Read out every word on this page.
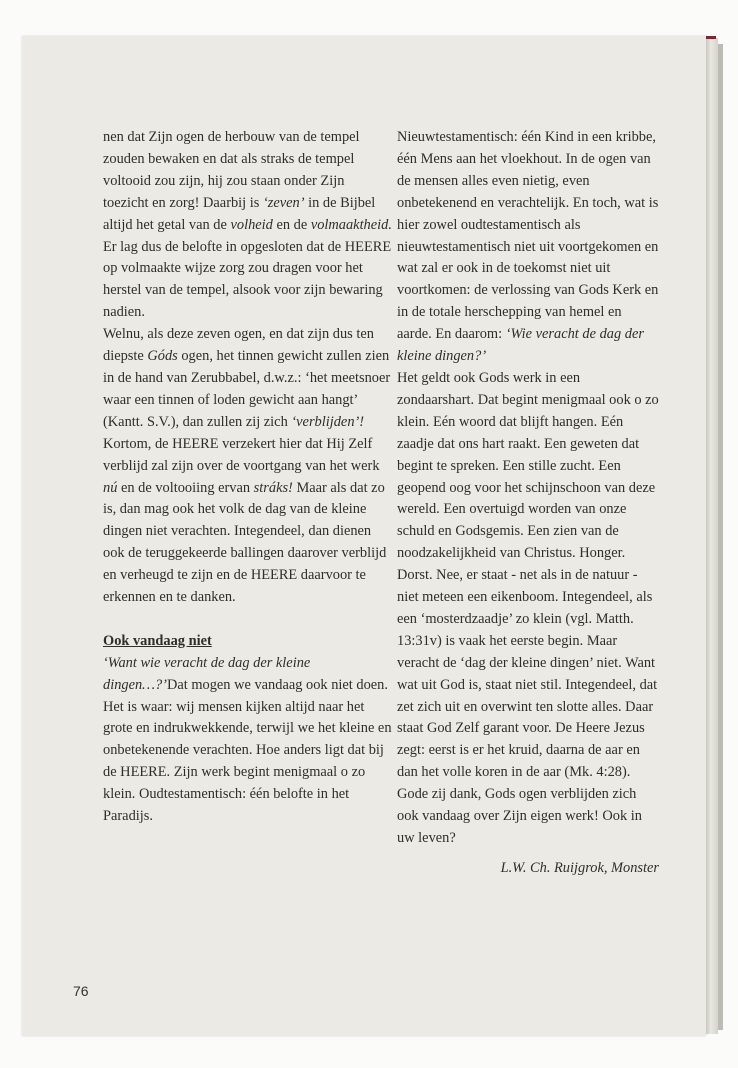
nen dat Zijn ogen de herbouw van de tempel zouden bewaken en dat als straks de tempel voltooid zou zijn, hij zou staan onder Zijn toezicht en zorg! Daarbij is ‘zeven’ in de Bijbel altijd het getal van de volheid en de volmaaktheid. Er lag dus de belofte in opgesloten dat de HEERE op volmaakte wijze zorg zou dragen voor het herstel van de tempel, alsook voor zijn bewaring nadien.
Welnu, als deze zeven ogen, en dat zijn dus ten diepste Góds ogen, het tinnen gewicht zullen zien in de hand van Zerubbabel, d.w.z.: ‘het meetsnoer waar een tinnen of loden gewicht aan hangt’ (Kantt. S.V.), dan zullen zij zich ‘verblijden’! Kortom, de HEERE verzekert hier dat Hij Zelf verblijd zal zijn over de voortgang van het werk nú en de voltooiing ervan stráks! Maar als dat zo is, dan mag ook het volk de dag van de kleine dingen niet verachten. Integendeel, dan dienen ook de teruggekeerde ballingen daarover verblijd en verheugd te zijn en de HEERE daarvoor te erkennen en te danken.
Ook vandaag niet
‘Want wie veracht de dag der kleine dingen…?’Dat mogen we vandaag ook niet doen. Het is waar: wij mensen kijken altijd naar het grote en indrukwekkende, terwijl we het kleine en onbetekenende verachten. Hoe anders ligt dat bij de HEERE. Zijn werk begint menigmaal o zo klein. Oudtestamentisch: één belofte in het Paradijs.
Nieuwtestamentisch: één Kind in een kribbe, één Mens aan het vloekhout. In de ogen van de mensen alles even nietig, even onbetekenend en verachtelijk. En toch, wat is hier zowel oudtestamentisch als nieuwtestamentisch niet uit voortgekomen en wat zal er ook in de toekomst niet uit voortkomen: de verlossing van Gods Kerk en in de totale herschepping van hemel en aarde. En daarom: ‘Wie veracht de dag der kleine dingen?’
Het geldt ook Gods werk in een zondaarshart. Dat begint menigmaal ook o zo klein. Eén woord dat blijft hangen. Eén zaadje dat ons hart raakt. Een geweten dat begint te spreken. Een stille zucht. Een geopend oog voor het schijnschoon van deze wereld. Een overtuigd worden van onze schuld en Godsgemis. Een zien van de noodzakelijkheid van Christus. Honger. Dorst. Nee, er staat - net als in de natuur - niet meteen een eikenboom. Integendeel, als een ‘mosterdzaadje’ zo klein (vgl. Matth. 13:31v) is vaak het eerste begin. Maar veracht de ‘dag der kleine dingen’ niet. Want wat uit God is, staat niet stil. Integendeel, dat zet zich uit en overwint ten slotte alles. Daar staat God Zelf garant voor. De Heere Jezus zegt: eerst is er het kruid, daarna de aar en dan het volle koren in de aar (Mk. 4:28). Gode zij dank, Gods ogen verblijden zich ook vandaag over Zijn eigen werk! Ook in uw leven?
L.W. Ch. Ruijgrok, Monster
76
